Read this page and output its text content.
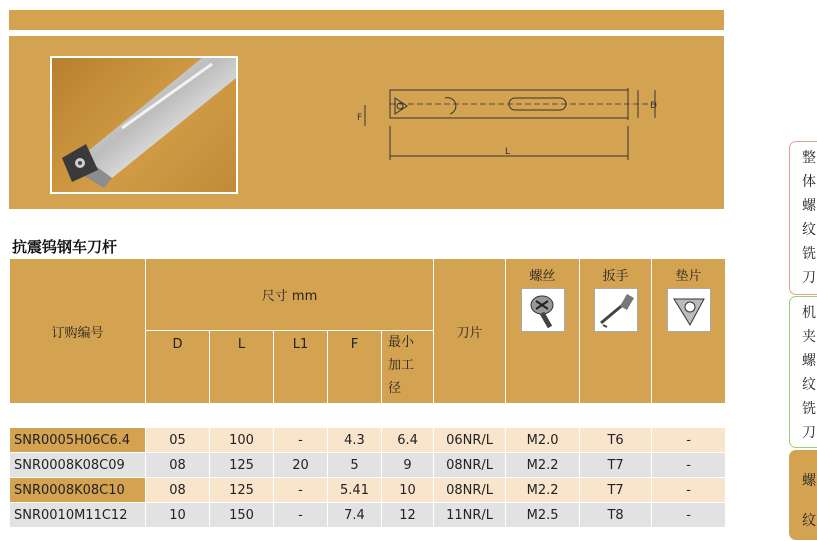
D
F
L
抗震钨钢车刀杆
订购编号	尺寸 mm					刀片	螺丝	扳手	垫片

	D	L	L1	F	最小
加工
径				

SNR0005H06C6.4	05	100	-	4.3	6.4	06NR/L	M2.0	T6	-
SNR0008K08C09	08	125	20	5	9	08NR/L	M2.2	T7	-
SNR0008K08C10	08	125	-	5.41	10	08NR/L	M2.2	T7	-
SNR0010M11C12	10	150	-	7.4	12	11NR/L	M2.5	T8	-
整
体
螺
纹
铣
刀
机
夹
螺
纹
铣
刀
螺
纹
